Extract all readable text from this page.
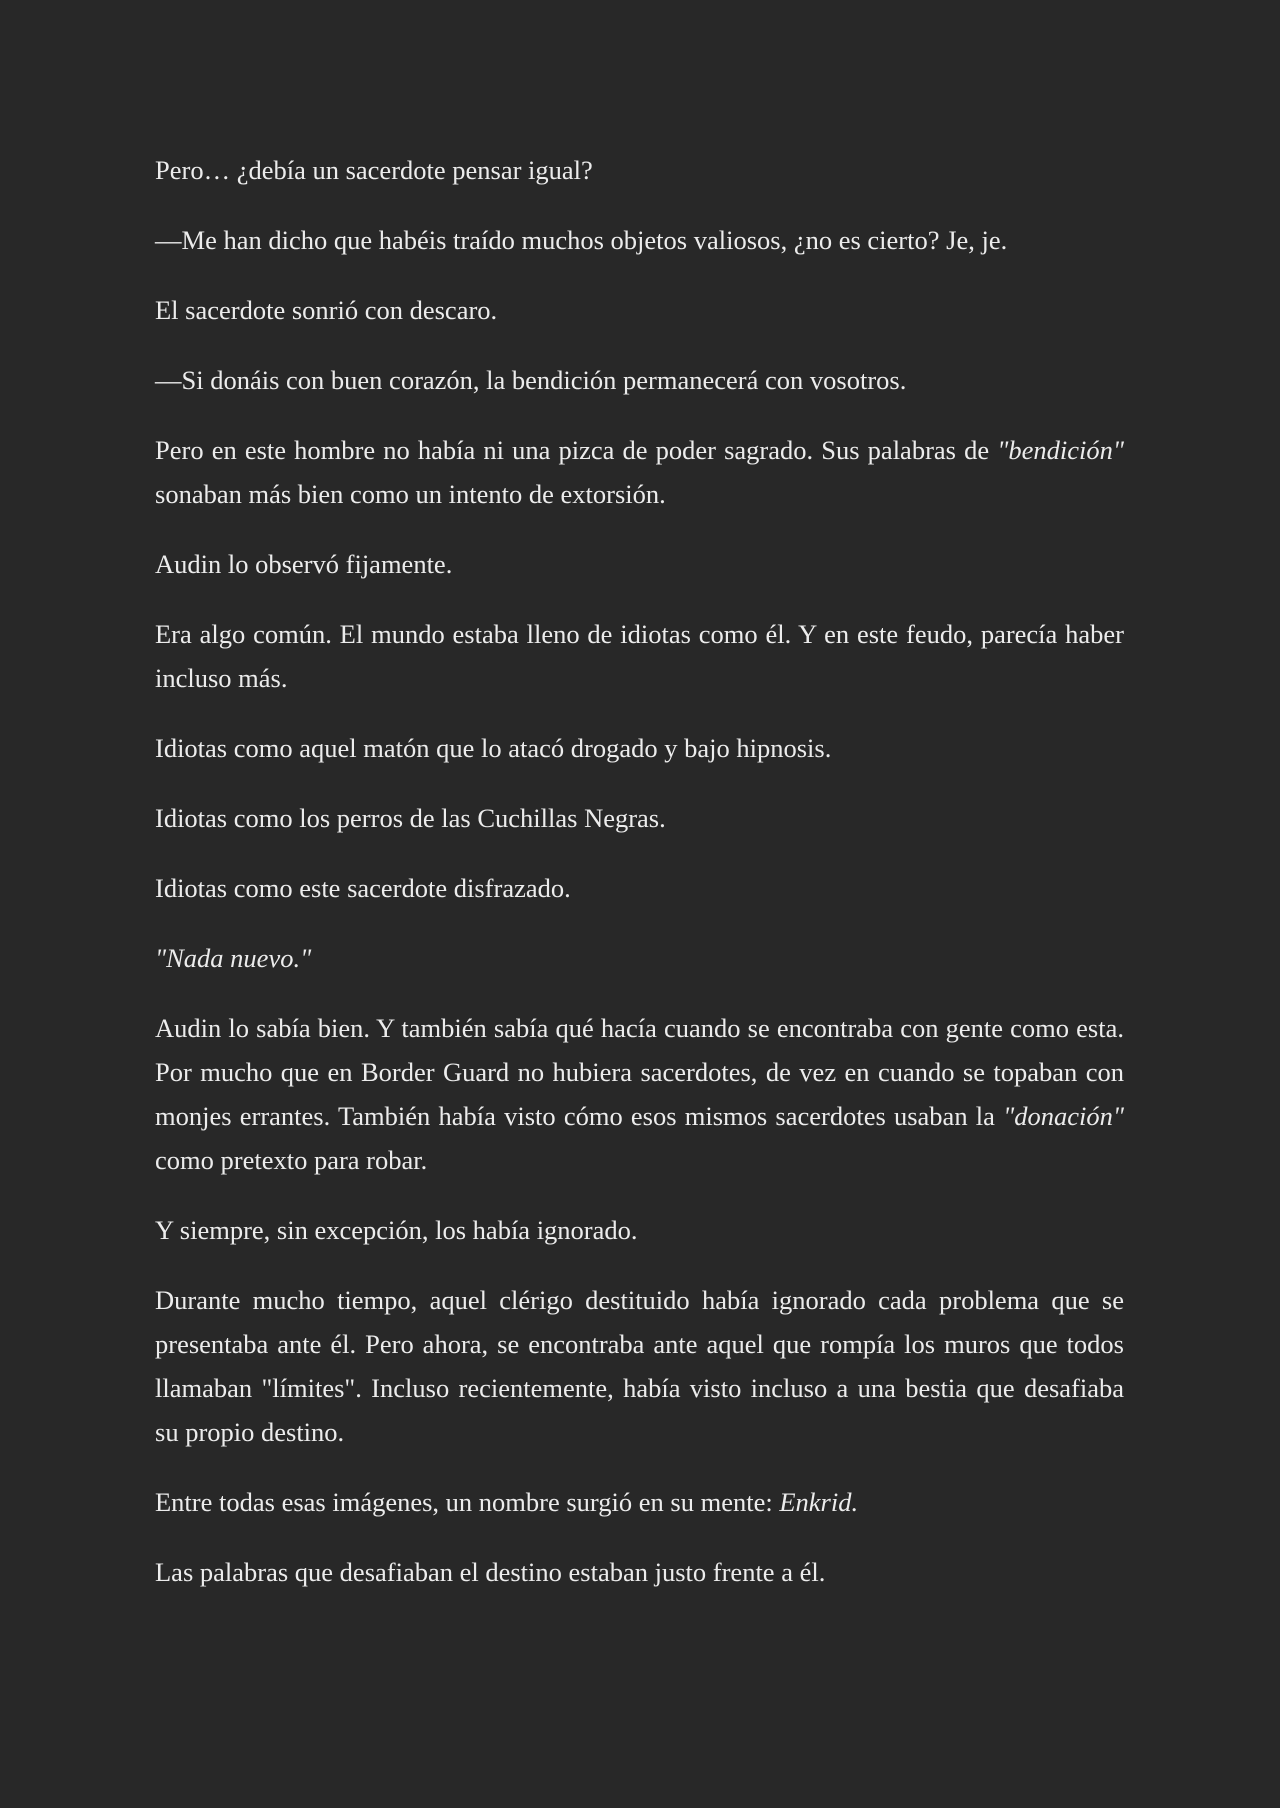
Pero… ¿debía un sacerdote pensar igual?

—Me han dicho que habéis traído muchos objetos valiosos, ¿no es cierto? Je, je.

El sacerdote sonrió con descaro.

—Si donáis con buen corazón, la bendición permanecerá con vosotros.

Pero en este hombre no había ni una pizca de poder sagrado. Sus palabras de "bendición" sonaban más bien como un intento de extorsión.

Audin lo observó fijamente.

Era algo común. El mundo estaba lleno de idiotas como él. Y en este feudo, parecía haber incluso más.

Idiotas como aquel matón que lo atacó drogado y bajo hipnosis.

Idiotas como los perros de las Cuchillas Negras.

Idiotas como este sacerdote disfrazado.

"Nada nuevo."

Audin lo sabía bien. Y también sabía qué hacía cuando se encontraba con gente como esta. Por mucho que en Border Guard no hubiera sacerdotes, de vez en cuando se topaban con monjes errantes. También había visto cómo esos mismos sacerdotes usaban la "donación" como pretexto para robar.

Y siempre, sin excepción, los había ignorado.

Durante mucho tiempo, aquel clérigo destituido había ignorado cada problema que se presentaba ante él. Pero ahora, se encontraba ante aquel que rompía los muros que todos llamaban "límites". Incluso recientemente, había visto incluso a una bestia que desafiaba su propio destino.

Entre todas esas imágenes, un nombre surgió en su mente: Enkrid.

Las palabras que desafiaban el destino estaban justo frente a él.
